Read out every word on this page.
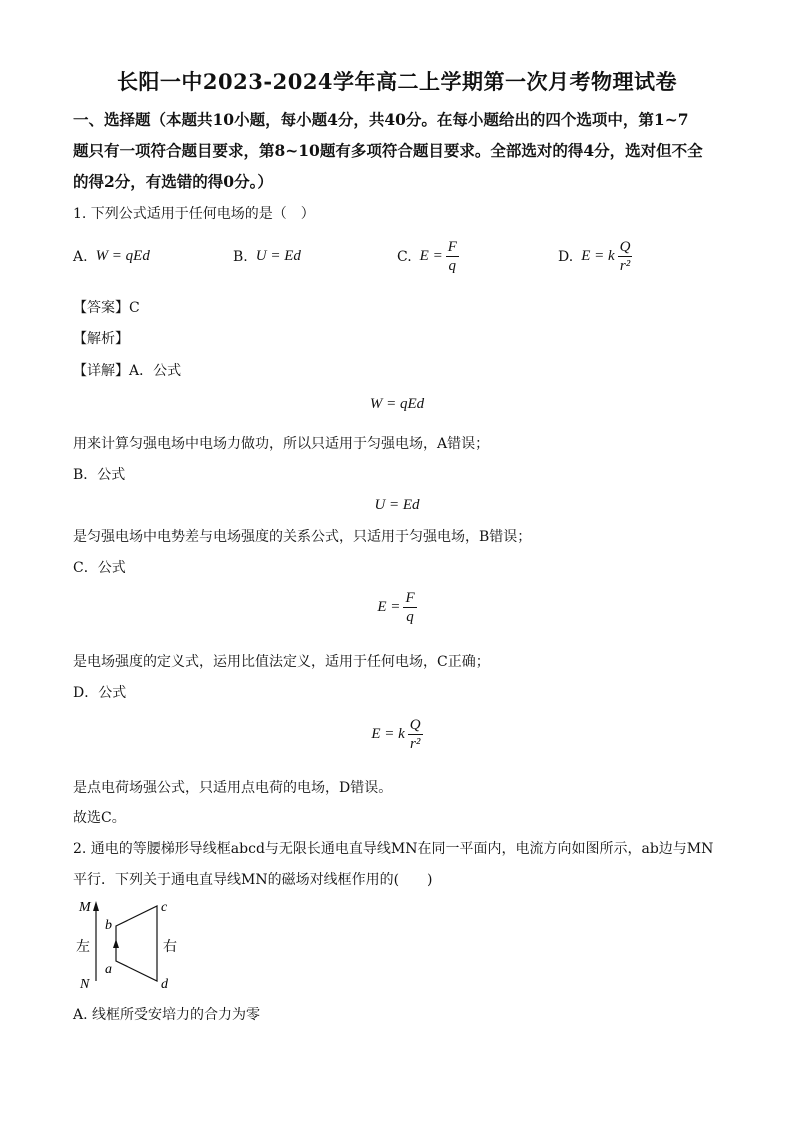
长阳一中2023-2024学年高二上学期第一次月考物理试卷
一、选择题（本题共10小题，每小题4分，共40分。在每小题给出的四个选项中，第1~7
题只有一项符合题目要求，第8~10题有多项符合题目要求。全部选对的得4分，选对但不全
的得2分，有选错的得0分。）
1. 下列公式适用于任何电场的是（　）
A. W = qEd	B. U = Ed	C. $E = \frac{F}{q}$	D. E = k $\frac{Q}{\text{r²}}$
【答案】C
【解析】
【详解】A．公式
W = qEd
用来计算匀强电场中电场力做功，所以只适用于匀强电场，A错误；
B．公式
U = Ed
是匀强电场中电势差与电场强度的关系公式，只适用于匀强电场，B错误；
C．公式
$E = \frac{F}{q}$
是电场强度的定义式，运用比值法定义，适用于任何电场，C正确；
D．公式
E = k $\frac{Q}{\text{r²}}$
是点电荷场强公式，只适用点电荷的电场，D错误。
故选C。
2. 通电的等腰梯形导线框abcd与无限长通电直导线MN在同一平面内，电流方向如图所示，ab边与MN
平行．下列关于通电直导线MN的磁场对线框作用的(　　)
M
N
b
a
c
d
左	右
A. 线框所受安培力的合力为零
